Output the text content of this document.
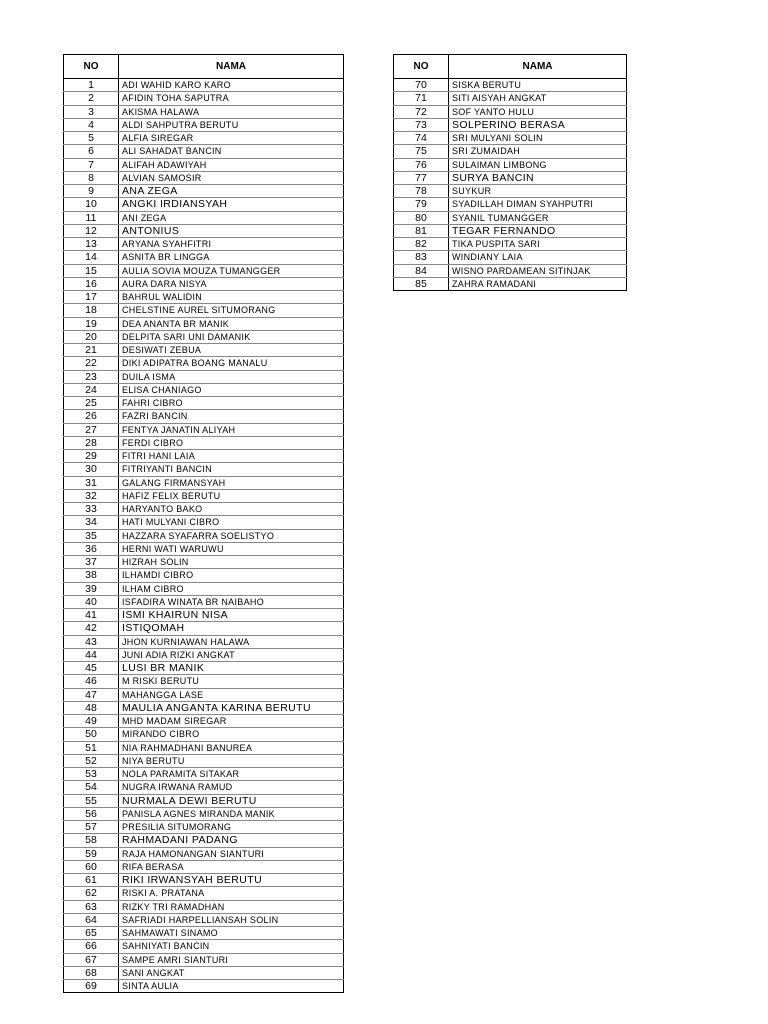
NO	NAMA
1	ADI WAHID KARO KARO
2	AFIDIN TOHA SAPUTRA
3	AKISMA HALAWA
4	ALDI SAHPUTRA BERUTU
5	ALFIA SIREGAR
6	ALI SAHADAT BANCIN
7	ALIFAH ADAWIYAH
8	ALVIAN SAMOSIR
9	ANA ZEGA
10	ANGKI IRDIANSYAH
11	ANI ZEGA
12	ANTONIUS
13	ARYANA SYAHFITRI
14	ASNITA BR LINGGA
15	AULIA SOVIA MOUZA TUMANGGER
16	AURA DARA NISYA
17	BAHRUL WALIDIN
18	CHELSTINE AUREL SITUMORANG
19	DEA ANANTA BR MANIK
20	DELPITA SARI UNI DAMANIK
21	DESIWATI ZEBUA
22	DIKI ADIPATRA BOANG MANALU
23	DUILA ISMA
24	ELISA CHANIAGO
25	FAHRI CIBRO
26	FAZRI BANCIN
27	FENTYA JANATIN ALIYAH
28	FERDI CIBRO
29	FITRI HANI LAIA
30	FITRIYANTI BANCIN
31	GALANG FIRMANSYAH
32	HAFIZ FELIX BERUTU
33	HARYANTO BAKO
34	HATI MULYANI CIBRO
35	HAZZARA SYAFARRA SOELISTYO
36	HERNI WATI WARUWU
37	HIZRAH SOLIN
38	ILHAMDI CIBRO
39	ILHAM CIBRO
40	ISFADIRA WINATA BR NAIBAHO
41	ISMI KHAIRUN NISA
42	ISTIQOMAH
43	JHON KURNIAWAN HALAWA
44	JUNI ADIA RIZKI ANGKAT
45	LUSI BR MANIK
46	M RISKI BERUTU
47	MAHANGGA LASE
48	MAULIA ANGANTA KARINA BERUTU
49	MHD MADAM SIREGAR
50	MIRANDO CIBRO
51	NIA RAHMADHANI BANUREA
52	NIYA BERUTU
53	NOLA PARAMITA SITAKAR
54	NUGRA IRWANA RAMUD
55	NURMALA DEWI BERUTU
56	PANISLA AGNES MIRANDA MANIK
57	PRESILIA SITUMORANG
58	RAHMADANI PADANG
59	RAJA HAMONANGAN SIANTURI
60	RIFA BERASA
61	RIKI IRWANSYAH BERUTU
62	RISKI A. PRATANA
63	RIZKY TRI RAMADHAN
64	SAFRIADI HARPELLIANSAH SOLIN
65	SAHMAWATI SINAMO
66	SAHNIYATI BANCIN
67	SAMPE AMRI SIANTURI
68	SANI ANGKAT
69	SINTA AULIA
NO	NAMA
70	SISKA BERUTU
71	SITI AISYAH ANGKAT
72	SOF YANTO HULU
73	SOLPERINO BERASA
74	SRI MULYANI SOLIN
75	SRI ZUMAIDAH
76	SULAIMAN LIMBONG
77	SURYA BANCIN
78	SUYKUR
79	SYADILLAH DIMAN SYAHPUTRI
80	SYANIL TUMANGGER
81	TEGAR FERNANDO
82	TIKA PUSPITA SARI
83	WINDIANY LAIA
84	WISNO PARDAMEAN SITINJAK
85	ZAHRA RAMADANI
